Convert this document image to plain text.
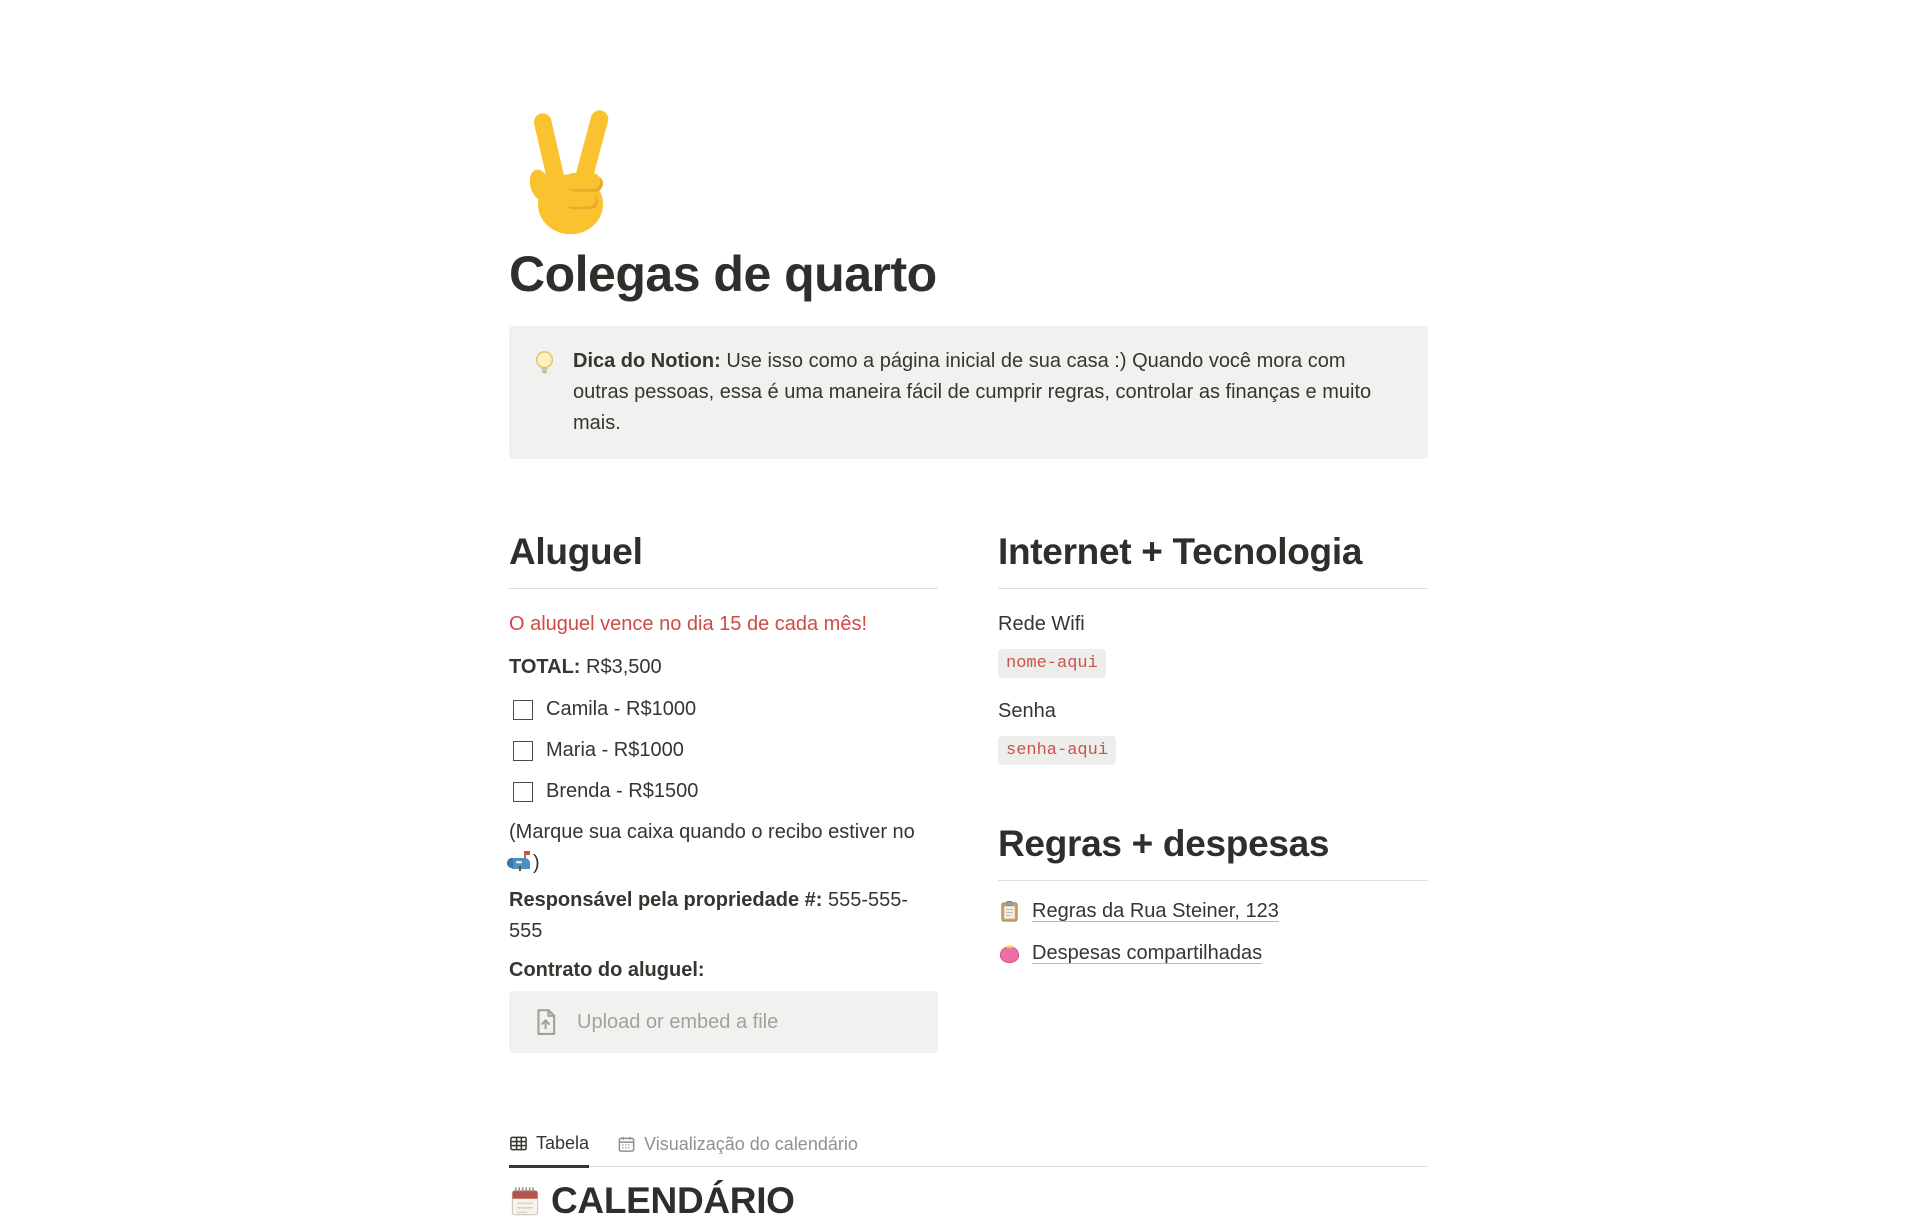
Colegas de quarto
Dica do Notion: Use isso como a página inicial de sua casa :) Quando você mora com outras pessoas, essa é uma maneira fácil de cumprir regras, controlar as finanças e muito mais.
Aluguel

O aluguel vence no dia 15 de cada mês!

TOTAL: R$3,500

Camila - R$1000
Maria - R$1000
Brenda - R$1500

(Marque sua caixa quando o recibo estiver no )

Responsável pela propriedade #: 555-555-555

Contrato do aluguel:

Upload or embed a file
Internet + Tecnologia

Rede Wifi

nome-aqui

Senha

senha-aqui

Regras + despesas
Regras da Rua Steiner, 123
Despesas compartilhadas
Tabela	Visualização do calendário
CALENDÁRIO
